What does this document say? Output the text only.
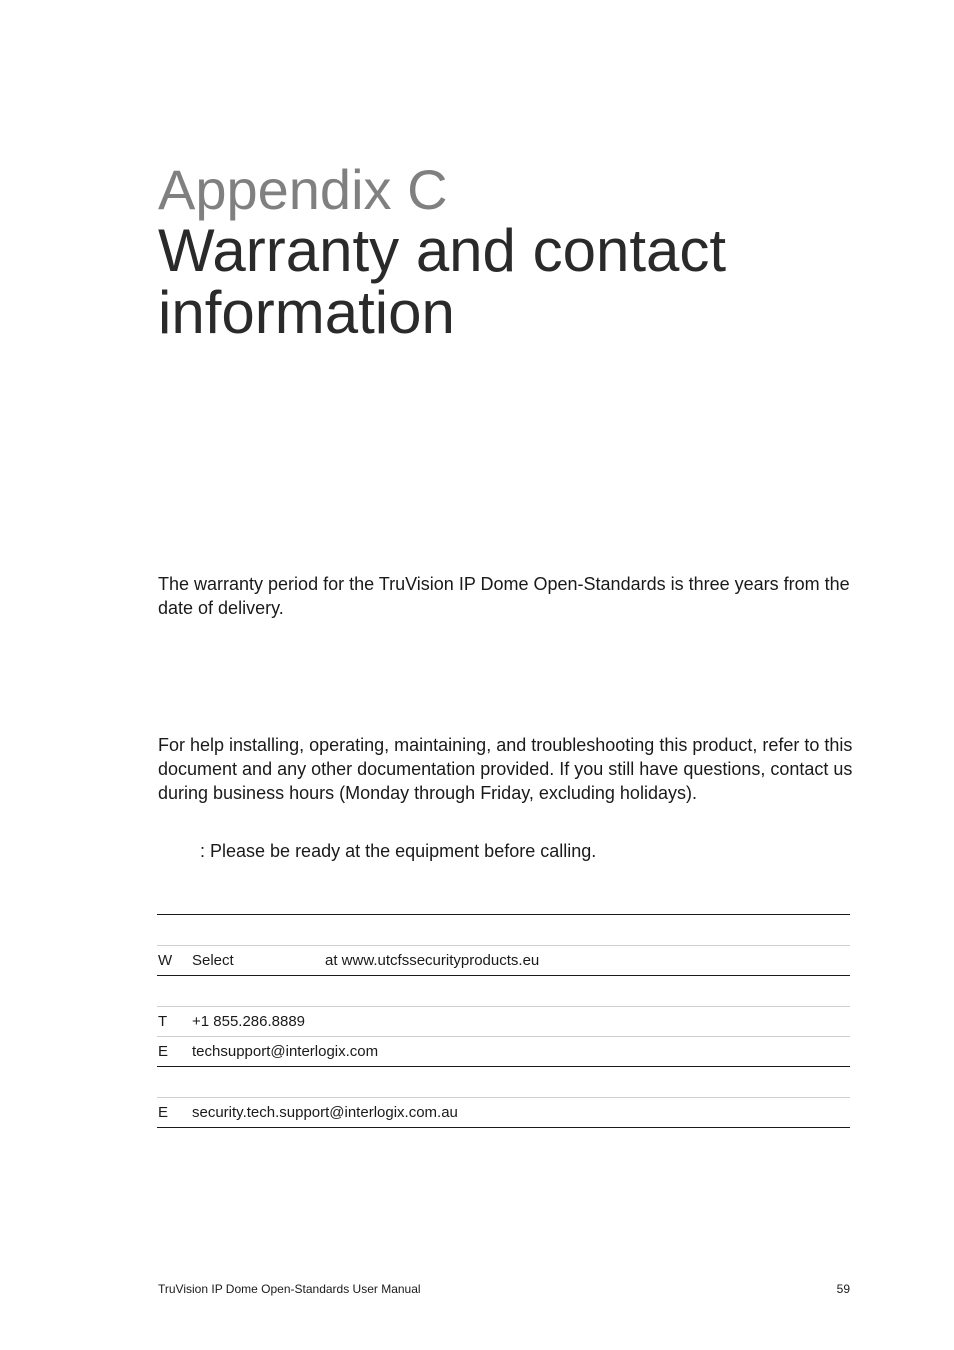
Appendix C
Warranty and contact information

The warranty period for the TruVision IP Dome Open-Standards is three years from the date of delivery.

For help installing, operating, maintaining, and troubleshooting this product, refer to this document and any other documentation provided. If you still have questions, contact us during business hours (Monday through Friday, excluding holidays).

: Please be ready at the equipment before calling.
W Select	at www.utcfssecurityproducts.eu
T +1 855.286.8889
E techsupport@interlogix.com
E security.tech.support@interlogix.com.au
TruVision IP Dome Open-Standards User Manual	59
